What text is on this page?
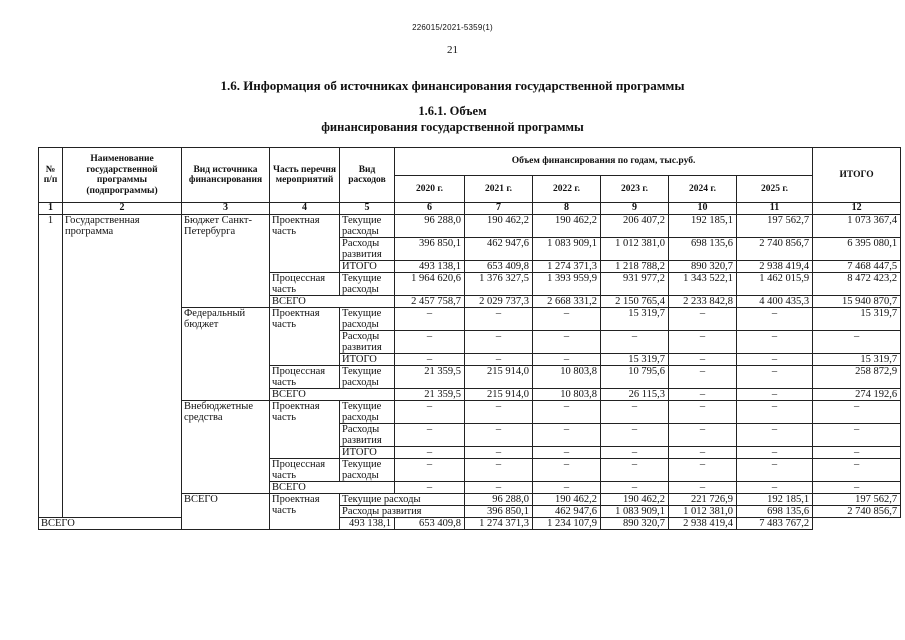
226015/2021-5359(1)
21
1.6. Информация об источниках финансирования государственной программы
1.6.1. Объем
финансирования государственной программы
№ п/п	Наименование государственной программы (подпрограммы)	Вид источника финансирования	Часть перечня мероприятий	Вид расходов	Объем финансирования по годам, тыс.руб.						ИТОГО	
					2020 г.	2021 г.	2022 г.	2023 г.	2024 г.	2025 г.		
1	2	3	4	5	6	7	8	9	10	11	12	
1	Государственная программа	Бюджет Санкт-Петербурга	Проектная часть	Текущие расходы	96 288,0	190 462,2	190 462,2	206 407,2	192 185,1	197 562,7	1 073 367,4	
				Расходы развития	396 850,1	462 947,6	1 083 909,1	1 012 381,0	698 135,6	2 740 856,7	6 395 080,1	
				ИТОГО	493 138,1	653 409,8	1 274 371,3	1 218 788,2	890 320,7	2 938 419,4	7 468 447,5	
			Процессная часть	Текущие расходы	1 964 620,6	1 376 327,5	1 393 959,9	931 977,2	1 343 522,1	1 462 015,9	8 472 423,2	
			ВСЕГО		2 457 758,7	2 029 737,3	2 668 331,2	2 150 765,4	2 233 842,8	4 400 435,3	15 940 870,7	
		Федеральный бюджет	Проектная часть	Текущие расходы	–	–	–	15 319,7	–	–	15 319,7	
				Расходы развития	–	–	–	–	–	–	–	
				ИТОГО	–	–	–	15 319,7	–	–	15 319,7	
			Процессная часть	Текущие расходы	21 359,5	215 914,0	10 803,8	10 795,6	–	–	258 872,9	
			ВСЕГО		21 359,5	215 914,0	10 803,8	26 115,3	–	–	274 192,6	
		Внебюджетные средства	Проектная часть	Текущие расходы	–	–	–	–	–	–	–	
				Расходы развития	–	–	–	–	–	–	–	
				ИТОГО	–	–	–	–	–	–	–	
			Процессная часть	Текущие расходы	–	–	–	–	–	–	–	
			ВСЕГО		–	–	–	–	–	–	–	
		ВСЕГО	Проектная часть	Текущие расходы		96 288,0	190 462,2	190 462,2	221 726,9	192 185,1	197 562,7	
				Расходы развития		396 850,1	462 947,6	1 083 909,1	1 012 381,0	698 135,6	2 740 856,7	
ВСЕГО				493 138,1	653 409,8	1 274 371,3	1 234 107,9	890 320,7	2 938 419,4	7 483 767,2		
